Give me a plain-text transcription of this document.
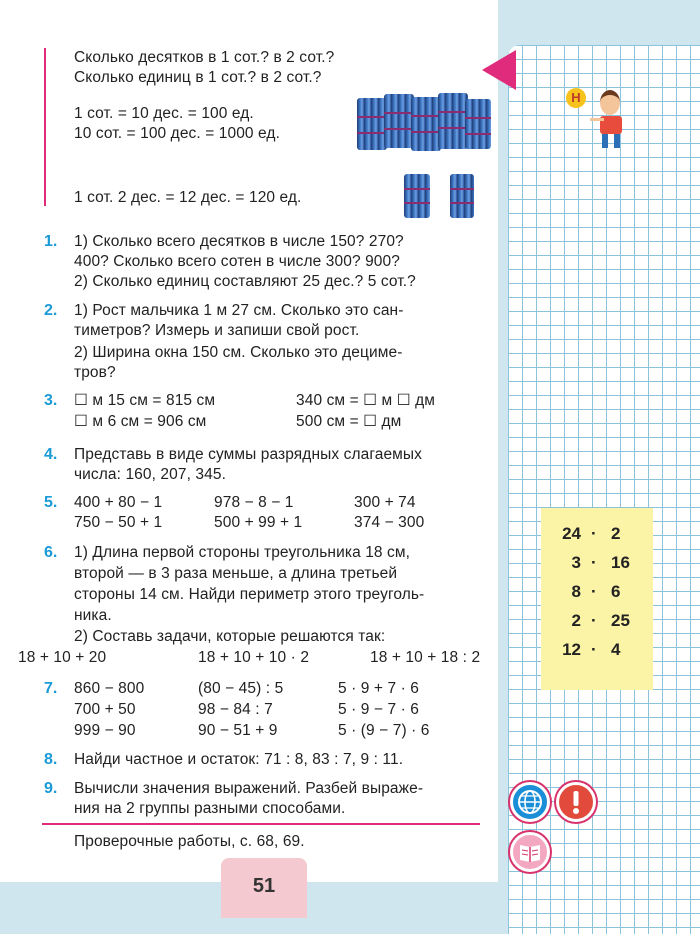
Сколько десятков в 1 сот.? в 2 сот.?
Сколько единиц в 1 сот.? в 2 сот.?
1 сот. = 10 дес. = 100 ед.
10 сот. = 100 дес. = 1000 ед.
1 сот. 2 дес. = 12 дес. = 120 ед.
Н
1. 1) Сколько всего десятков в числе 150? 270?
400? Сколько всего сотен в числе 300? 900?
2) Сколько единиц составляют 25 дес.? 5 сот.?
2. 1) Рост мальчика 1 м 27 см. Сколько это сан-
тиметров? Измерь и запиши свой рост.
2) Ширина окна 150 см. Сколько это дециме-
тров?
3. ☐ м 15 см = 815 см
☐ м 6 см = 906 см
340 см = ☐ м ☐ дм
500 см = ☐ дм
4. Представь в виде суммы разрядных слагаемых
числа: 160, 207, 345.
5. 400 + 80 − 1
750 − 50 + 1
978 − 8 − 1
500 + 99 + 1
300 + 74
374 − 300
6. 1) Длина первой стороны треугольника 18 см,
второй — в 3 раза меньше, а длина третьей
стороны 14 см. Найди периметр этого треуголь-
ника.
2) Составь задачи, которые решаются так:
18 + 10 + 20	18 + 10 + 10 · 2	18 + 10 + 18 : 2
7. 860 − 800
700 + 50
999 − 90
(80 − 45) : 5
98 − 84 : 7
90 − 51 + 9
5 · 9 + 7 · 6
5 · 9 − 7 · 6
5 · (9 − 7) · 6
8. Найди частное и остаток: 71 : 8, 83 : 7, 9 : 11.
9. Вычисли значения выражений. Разбей выраже-
ния на 2 группы разными способами.
Проверочные работы, с. 68, 69.
51
24 · 2
3 · 16
8 · 6
2 · 25
12 · 4
